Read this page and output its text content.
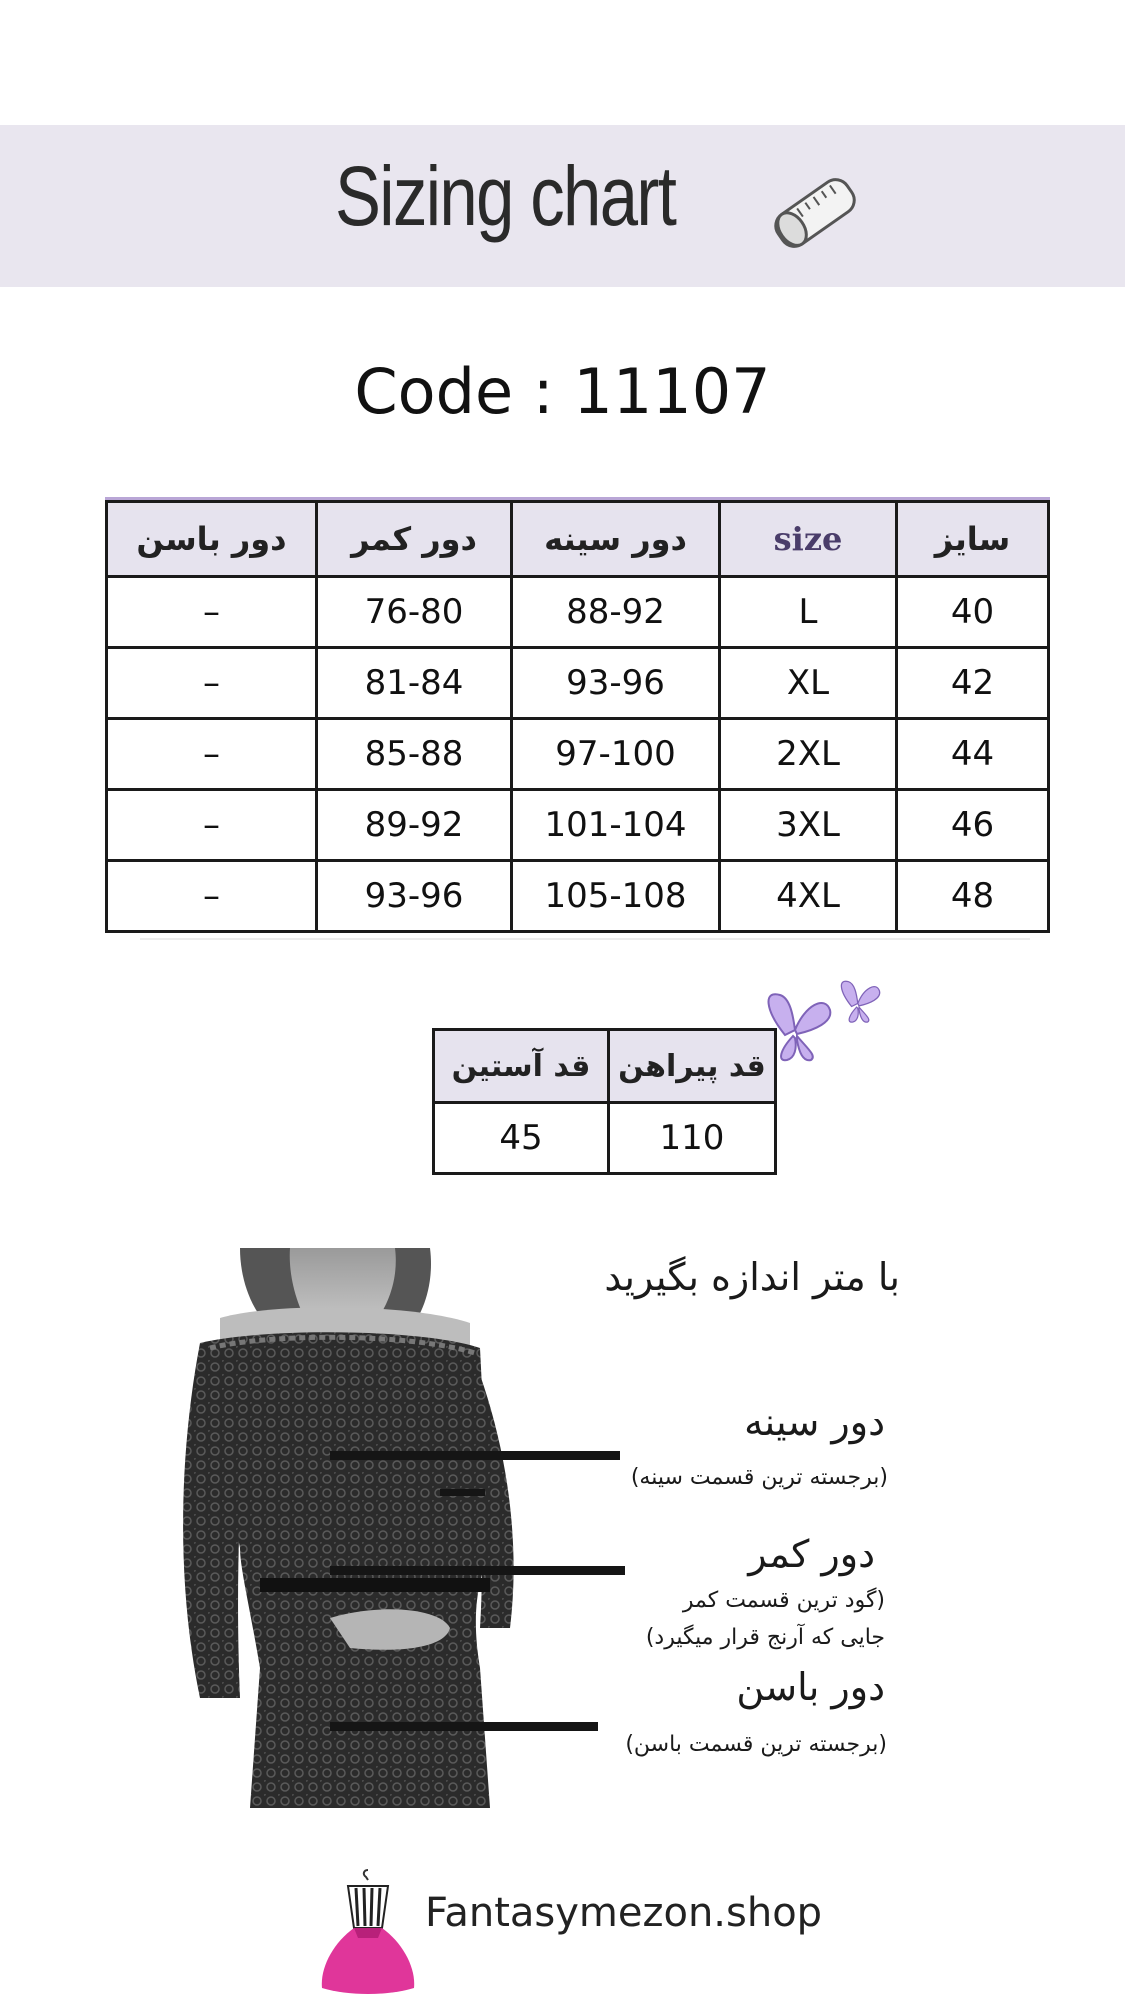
Sizing chart
Code : 11107
دور باسن	دور کمر	دور سینه	size	سایز
–	76-80	88-92	L	40
–	81-84	93-96	XL	42
–	85-88	97-100	2XL	44
–	89-92	101-104	3XL	46
–	93-96	105-108	4XL	48
قد آستین	قد پیراهن
45	110
با متر اندازه بگیرید
دور سینه
(برجسته ترین قسمت سینه)
دور کمر
(گود ترین قسمت کمر
جایی که آرنج قرار میگیرد)
دور باسن
(برجسته ترین قسمت باسن)
Fantasymezon.shop
